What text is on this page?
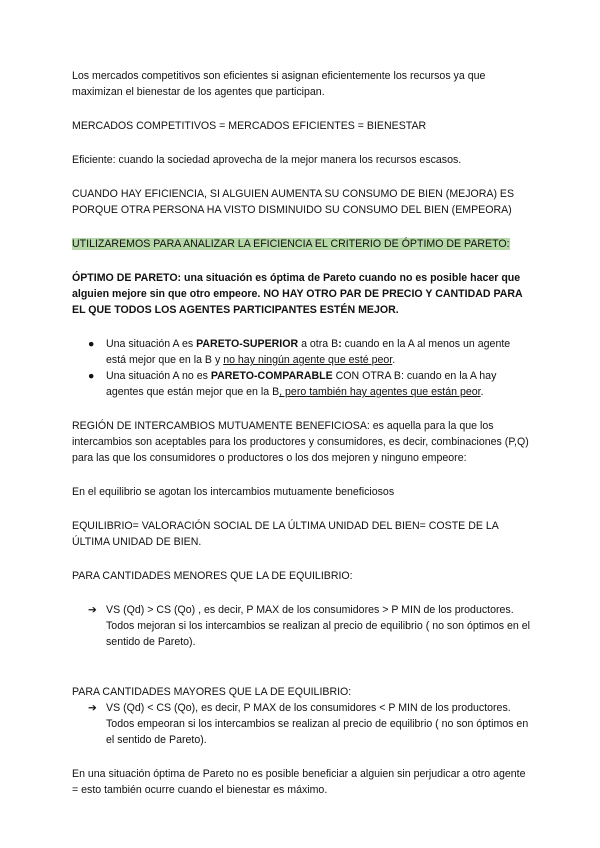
Los mercados competitivos son eficientes si asignan eficientemente los recursos ya que maximizan el bienestar de los agentes que participan.

MERCADOS COMPETITIVOS = MERCADOS EFICIENTES = BIENESTAR

Eficiente: cuando la sociedad aprovecha de la mejor manera los recursos escasos.

CUANDO HAY EFICIENCIA, SI ALGUIEN AUMENTA SU CONSUMO DE BIEN (MEJORA) ES PORQUE OTRA PERSONA HA VISTO DISMINUIDO SU CONSUMO DEL BIEN (EMPEORA)

UTILIZAREMOS PARA ANALIZAR LA EFICIENCIA EL CRITERIO DE ÓPTIMO DE PARETO:

ÓPTIMO DE PARETO: una situación es óptima de Pareto cuando no es posible hacer que alguien mejore sin que otro empeore. NO HAY OTRO PAR DE PRECIO Y CANTIDAD PARA EL QUE TODOS LOS AGENTES PARTICIPANTES ESTÉN MEJOR.

● Una situación A es PARETO-SUPERIOR a otra B: cuando en la A al menos un agente está mejor que en la B y no hay ningún agente que esté peor.
● Una situación A no es PARETO-COMPARABLE CON OTRA B: cuando en la A hay agentes que están mejor que en la B, pero también hay agentes que están peor.

REGIÓN DE INTERCAMBIOS MUTUAMENTE BENEFICIOSA: es aquella para la que los intercambios son aceptables para los productores y consumidores, es decir, combinaciones (P,Q) para las que los consumidores o productores o los dos mejoren y ninguno empeore:

En el equilibrio se agotan los intercambios mutuamente beneficiosos

EQUILIBRIO= VALORACIÓN SOCIAL DE LA ÚLTIMA UNIDAD DEL BIEN= COSTE DE LA ÚLTIMA UNIDAD DE BIEN.

PARA CANTIDADES MENORES QUE LA DE EQUILIBRIO:

➔ VS (Qd) > CS (Qo) , es decir, P MAX de los consumidores > P MIN de los productores.
Todos mejoran si los intercambios se realizan al precio de equilibrio ( no son óptimos en el sentido de Pareto).

PARA CANTIDADES MAYORES QUE LA DE EQUILIBRIO:

➔ VS (Qd) < CS (Qo), es decir, P MAX de los consumidores < P MIN de los productores.
Todos empeoran si los intercambios se realizan al precio de equilibrio ( no son óptimos en el sentido de Pareto).

En una situación óptima de Pareto no es posible beneficiar a alguien sin perjudicar a otro agente = esto también ocurre cuando el bienestar es máximo.
